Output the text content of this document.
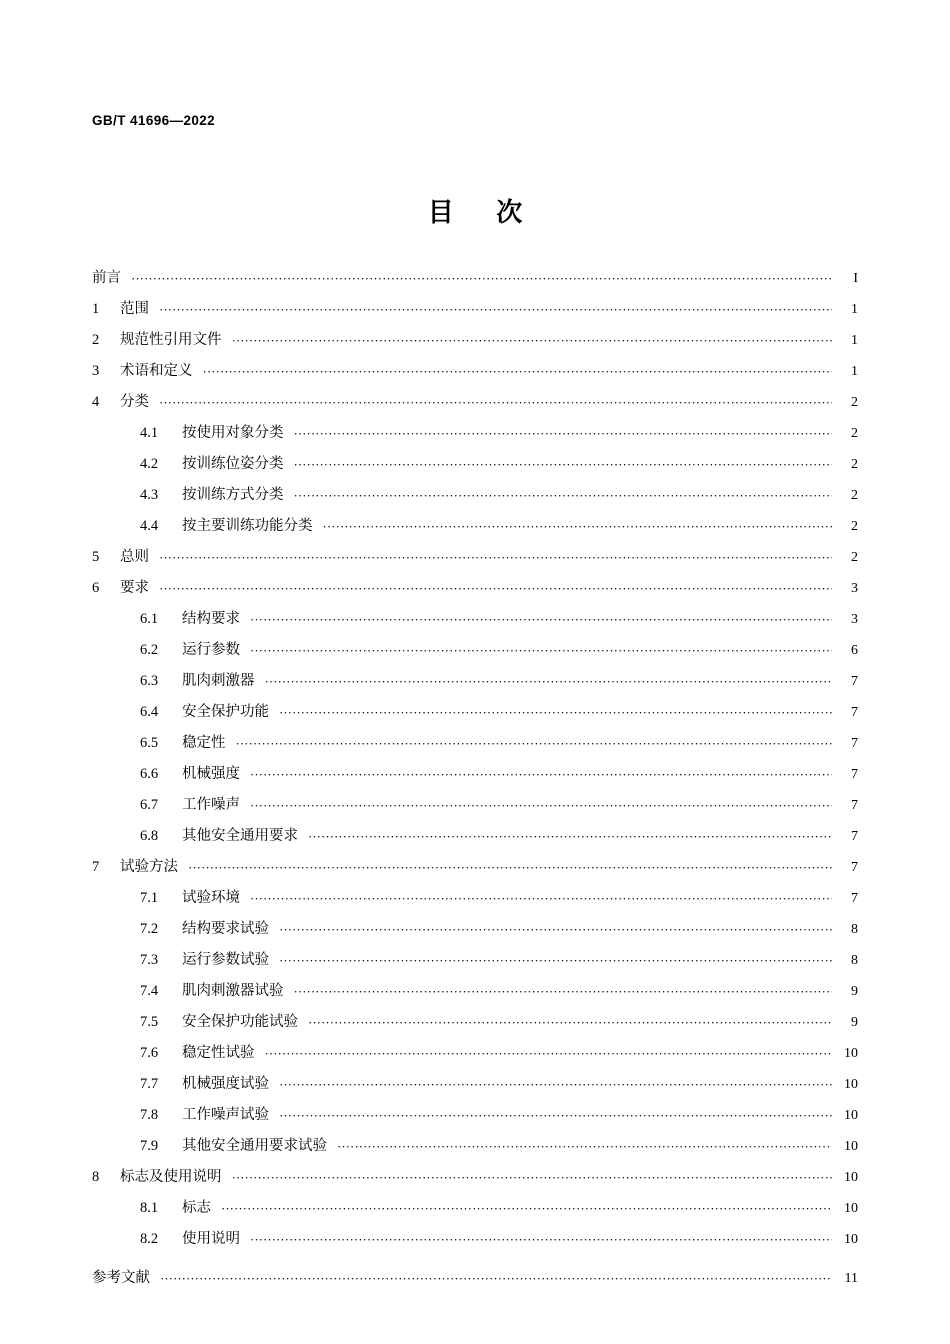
GB/T 41696—2022
目 次
前言 ·····	I
1	范围 ·····	1
2	规范性引用文件 ·····	1
3	术语和定义 ·····	1
4	分类 ·····	2
4.1	按使用对象分类 ·····	2
4.2	按训练位姿分类 ·····	2
4.3	按训练方式分类 ·····	2
4.4	按主要训练功能分类 ·····	2
5	总则 ·····	2
6	要求 ·····	3
6.1	结构要求 ·····	3
6.2	运行参数 ·····	6
6.3	肌肉刺激器 ·····	7
6.4	安全保护功能 ·····	7
6.5	稳定性 ·····	7
6.6	机械强度 ·····	7
6.7	工作噪声 ·····	7
6.8	其他安全通用要求 ·····	7
7	试验方法 ·····	7
7.1	试验环境 ·····	7
7.2	结构要求试验 ·····	8
7.3	运行参数试验 ·····	8
7.4	肌肉刺激器试验 ·····	9
7.5	安全保护功能试验 ·····	9
7.6	稳定性试验 ·····	10
7.7	机械强度试验 ·····	10
7.8	工作噪声试验 ·····	10
7.9	其他安全通用要求试验 ·····	10
8	标志及使用说明 ·····	10
8.1	标志 ·····	10
8.2	使用说明 ·····	10
参考文献 ·····	11
